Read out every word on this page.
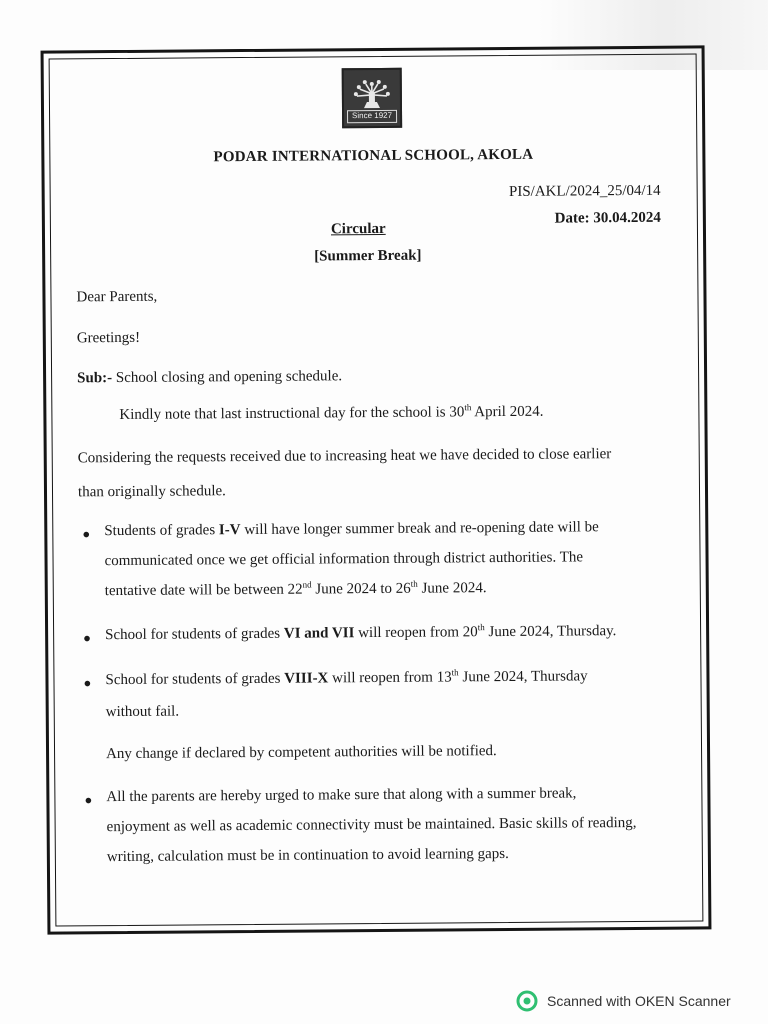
Since 1927
PODAR INTERNATIONAL SCHOOL, AKOLA
PIS/AKL/2024_25/04/14
Date: 30.04.2024
Circular
[Summer Break]
Dear Parents,
Greetings!
Sub:- School closing and opening schedule.
Kindly note that last instructional day for the school is 30th April 2024.
Considering the requests received due to increasing heat we have decided to close earlier
than originally schedule.
● Students of grades I-V will have longer summer break and re-opening date will be
communicated once we get official information through district authorities. The
tentative date will be between 22nd June 2024 to 26th June 2024.
● School for students of grades VI and VII will reopen from 20th June 2024, Thursday.
● School for students of grades VIII-X will reopen from 13th June 2024, Thursday
without fail.
Any change if declared by competent authorities will be notified.
● All the parents are hereby urged to make sure that along with a summer break,
enjoyment as well as academic connectivity must be maintained. Basic skills of reading,
writing, calculation must be in continuation to avoid learning gaps.
Scanned with OKEN Scanner
